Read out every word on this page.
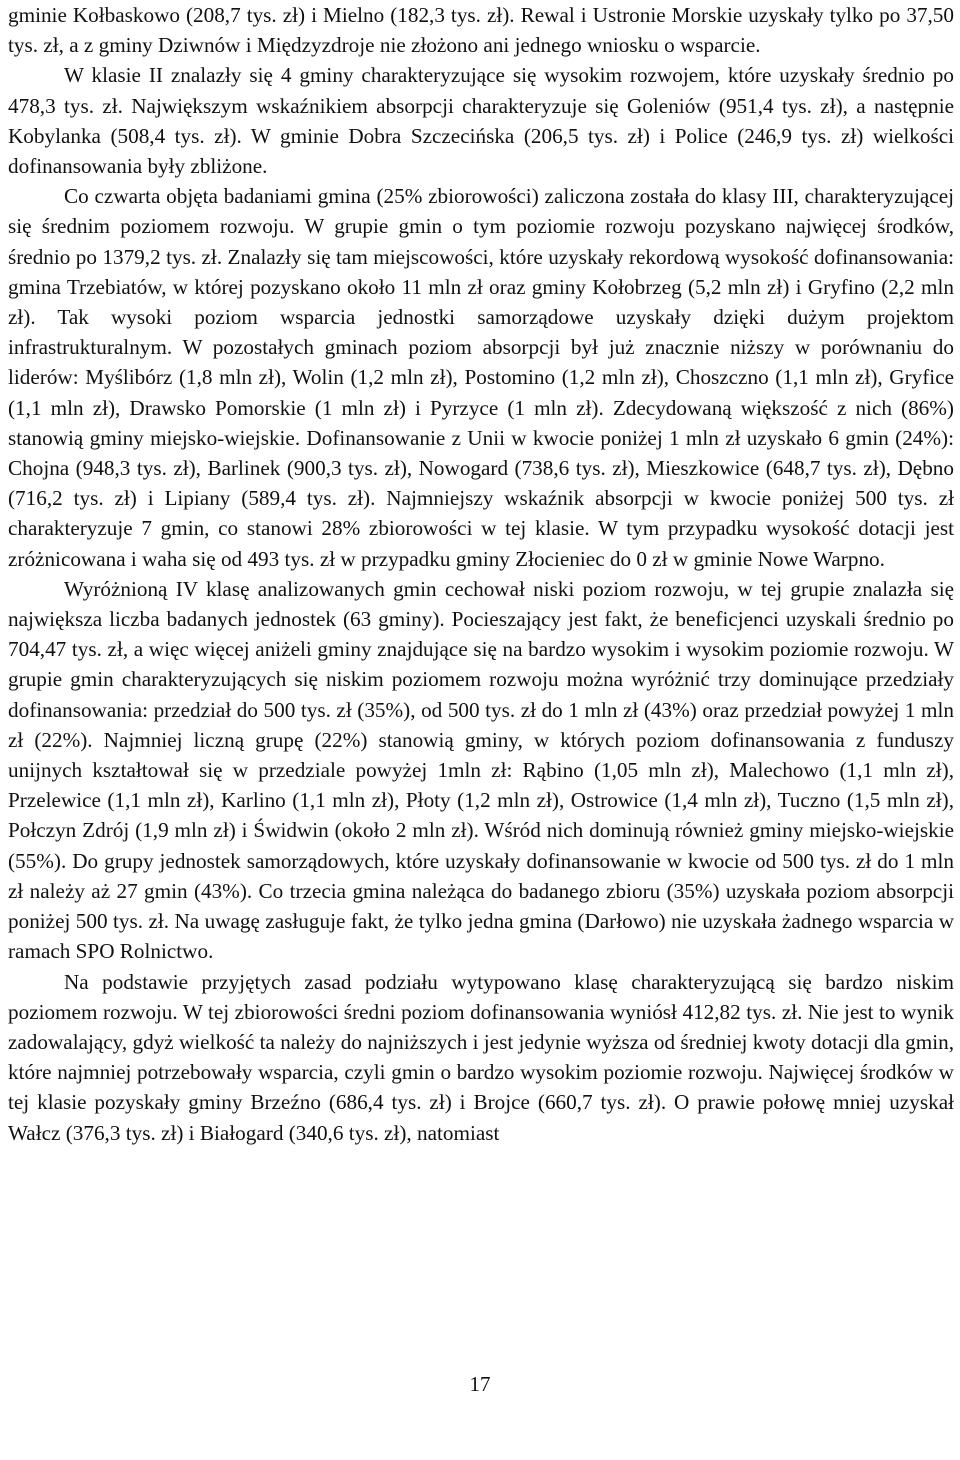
gminie Kołbaskowo (208,7 tys. zł) i Mielno (182,3 tys. zł). Rewal i Ustronie Morskie uzyskały tylko po 37,50 tys. zł, a z gminy Dziwnów i Międzyzdroje nie złożono ani jednego wniosku o wsparcie.

W klasie II znalazły się 4 gminy charakteryzujące się wysokim rozwojem, które uzyskały średnio po 478,3 tys. zł. Największym wskaźnikiem absorpcji charakteryzuje się Goleniów (951,4 tys. zł), a następnie Kobylanka (508,4 tys. zł). W gminie Dobra Szczecińska (206,5 tys. zł) i Police (246,9 tys. zł) wielkości dofinansowania były zbliżone.

Co czwarta objęta badaniami gmina (25% zbiorowości) zaliczona została do klasy III, charakteryzującej się średnim poziomem rozwoju. W grupie gmin o tym poziomie rozwoju pozyskano najwięcej środków, średnio po 1379,2 tys. zł. Znalazły się tam miejscowości, które uzyskały rekordową wysokość dofinansowania: gmina Trzebiatów, w której pozyskano około 11 mln zł oraz gminy Kołobrzeg (5,2 mln zł) i Gryfino (2,2 mln zł). Tak wysoki poziom wsparcia jednostki samorządowe uzyskały dzięki dużym projektom infrastrukturalnym. W pozostałych gminach poziom absorpcji był już znacznie niższy w porównaniu do liderów: Myślibórz (1,8 mln zł), Wolin (1,2 mln zł), Postomino (1,2 mln zł), Choszczno (1,1 mln zł), Gryfice (1,1 mln zł), Drawsko Pomorskie (1 mln zł) i Pyrzyce (1 mln zł). Zdecydowaną większość z nich (86%) stanowią gminy miejsko-wiejskie. Dofinansowanie z Unii w kwocie poniżej 1 mln zł uzyskało 6 gmin (24%): Chojna (948,3 tys. zł), Barlinek (900,3 tys. zł), Nowogard (738,6 tys. zł), Mieszkowice (648,7 tys. zł), Dębno (716,2 tys. zł) i Lipiany (589,4 tys. zł). Najmniejszy wskaźnik absorpcji w kwocie poniżej 500 tys. zł charakteryzuje 7 gmin, co stanowi 28% zbiorowości w tej klasie. W tym przypadku wysokość dotacji jest zróżnicowana i waha się od 493 tys. zł w przypadku gminy Złocieniec do 0 zł w gminie Nowe Warpno.

Wyróżnioną IV klasę analizowanych gmin cechował niski poziom rozwoju, w tej grupie znalazła się największa liczba badanych jednostek (63 gminy). Pocieszający jest fakt, że beneficjenci uzyskali średnio po 704,47 tys. zł, a więc więcej aniżeli gminy znajdujące się na bardzo wysokim i wysokim poziomie rozwoju. W grupie gmin charakteryzujących się niskim poziomem rozwoju można wyróżnić trzy dominujące przedziały dofinansowania: przedział do 500 tys. zł (35%), od 500 tys. zł do 1 mln zł (43%) oraz przedział powyżej 1 mln zł (22%). Najmniej liczną grupę (22%) stanowią gminy, w których poziom dofinansowania z funduszy unijnych kształtował się w przedziale powyżej 1mln zł: Rąbino (1,05 mln zł), Malechowo (1,1 mln zł), Przelewice (1,1 mln zł), Karlino (1,1 mln zł), Płoty (1,2 mln zł), Ostrowice (1,4 mln zł), Tuczno (1,5 mln zł), Połczyn Zdrój (1,9 mln zł) i Świdwin (około 2 mln zł). Wśród nich dominują również gminy miejsko-wiejskie (55%). Do grupy jednostek samorządowych, które uzyskały dofinansowanie w kwocie od 500 tys. zł do 1 mln zł należy aż 27 gmin (43%). Co trzecia gmina należąca do badanego zbioru (35%) uzyskała poziom absorpcji poniżej 500 tys. zł. Na uwagę zasługuje fakt, że tylko jedna gmina (Darłowo) nie uzyskała żadnego wsparcia w ramach SPO Rolnictwo.

Na podstawie przyjętych zasad podziału wytypowano klasę charakteryzującą się bardzo niskim poziomem rozwoju. W tej zbiorowości średni poziom dofinansowania wyniósł 412,82 tys. zł. Nie jest to wynik zadowalający, gdyż wielkość ta należy do najniższych i jest jedynie wyższa od średniej kwoty dotacji dla gmin, które najmniej potrzebowały wsparcia, czyli gmin o bardzo wysokim poziomie rozwoju. Najwięcej środków w tej klasie pozyskały gminy Brzeźno (686,4 tys. zł) i Brojce (660,7 tys. zł). O prawie połowę mniej uzyskał Wałcz (376,3 tys. zł) i Białogard (340,6 tys. zł), natomiast

17
